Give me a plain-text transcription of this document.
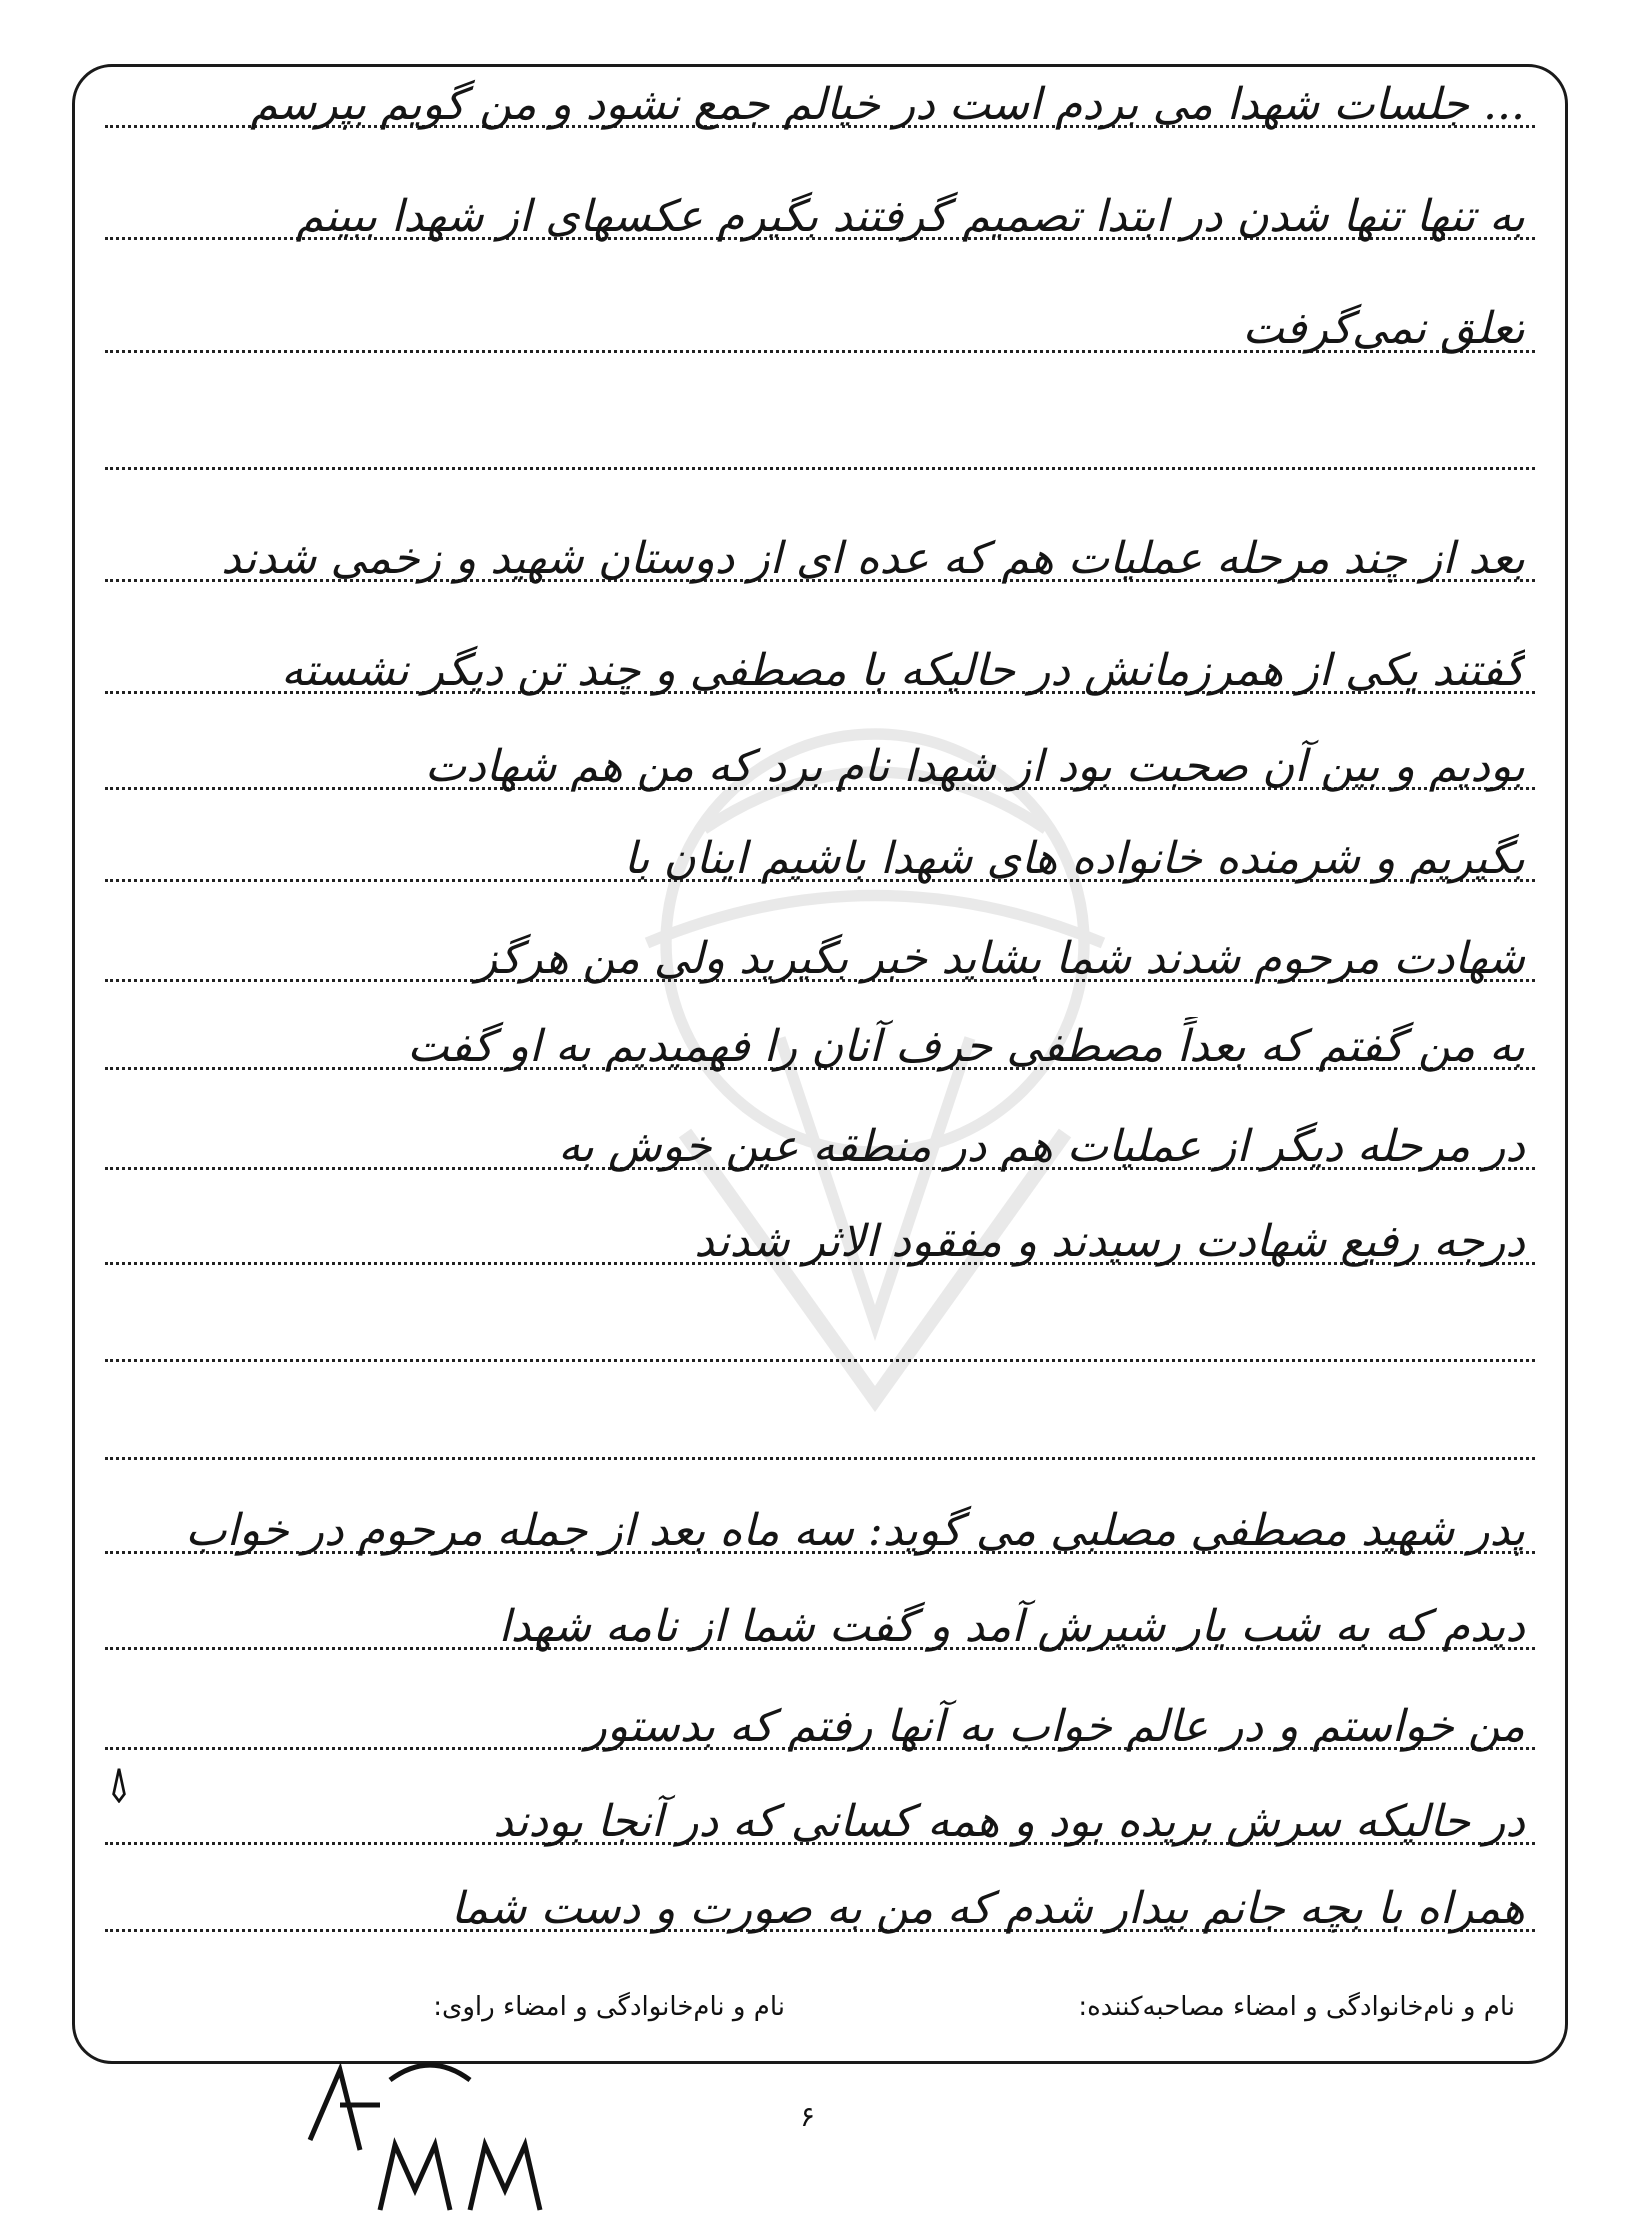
... جلسات شهدا می بردم است در خیالم جمع نشود و من گویم بپرسم
به تنها تنها شدن در ابتدا تصمیم گرفتند بگیرم عکسهای از شهدا ببینم
تعلق نمی‌گرفت
بعد از چند مرحله عملیات هم که عده ای از دوستان شهید و زخمی شدند
گفتند یکی از همرزمانش در حالیکه با مصطفی و چند تن دیگر نشسته
بودیم و بین آن صحبت بود از شهدا نام برد که من هم شهادت
بگیریم و شرمنده خانواده های شهدا باشیم اینان با
شهادت مرحوم شدند شما بشاید خبر بگیرید ولی من هرگز
به من گفتم که بعداً مصطفی حرف آنان را فهمیدیم به او گفت
در مرحله دیگر از عملیات هم در منطقه عین خوش به
درجه رفیع شهادت رسیدند و مفقود الاثر شدند
پدر شهید مصطفی مصلبی می گوید: سه ماه بعد از جمله مرحوم در خواب
دیدم که به شب یار شیرش آمد و گفت شما از نامه شهدا
من خواستم و در عالم خواب به آنها رفتم که بدستور
در حالیکه سرش بریده بود و همه کسانی که در آنجا بودند
همراه با بچه جانم بیدار شدم که من به صورت و دست شما
نام و نام‌خانوادگی و امضاء مصاحبه‌کننده:
نام و نام‌خانوادگی و امضاء راوی:
۶
